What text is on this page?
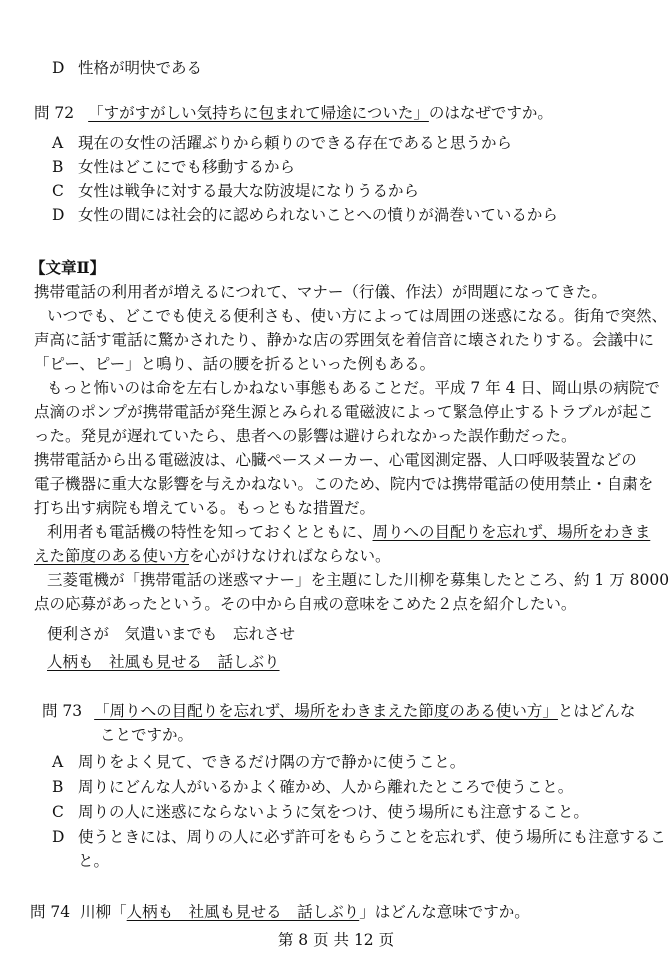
D 性格が明快である
問 72 「すがすがしい気持ちに包まれて帰途についた」のはなぜですか。
A 現在の女性の活躍ぶりから頼りのできる存在であると思うから
B 女性はどこにでも移動するから
C 女性は戦争に対する最大な防波堤になりうるから
D 女性の間には社会的に認められないことへの憤りが渦巻いているから
【文章Ⅱ】
携帯電話の利用者が増えるにつれて、マナー（行儀、作法）が問題になってきた。
いつでも、どこでも使える便利さも、使い方によっては周囲の迷惑になる。街角で突然、
声高に話す電話に驚かされたり、静かな店の雰囲気を着信音に壊されたりする。会議中に
「ピー、ピー」と鳴り、話の腰を折るといった例もある。
もっと怖いのは命を左右しかねない事態もあることだ。平成 7 年 4 日、岡山県の病院で
点滴のポンプが携帯電話が発生源とみられる電磁波によって緊急停止するトラブルが起こ
った。発見が遅れていたら、患者への影響は避けられなかった誤作動だった。
携帯電話から出る電磁波は、心臓ペースメーカー、心電図測定器、人口呼吸装置などの
電子機器に重大な影響を与えかねない。このため、院内では携帯電話の使用禁止・自粛を
打ち出す病院も増えている。もっともな措置だ。
利用者も電話機の特性を知っておくとともに、周りへの目配りを忘れず、場所をわきま
えた節度のある使い方を心がけなければならない。
三菱電機が「携帯電話の迷惑マナー」を主題にした川柳を募集したところ、約 1 万 8000
点の応募があったという。その中から自戒の意味をこめた２点を紹介したい。
便利さが　気遣いまでも　忘れさせ
人柄も　社風も見せる　話しぶり
問 73 「周りへの目配りを忘れず、場所をわきまえた節度のある使い方」とはどんな
ことですか。
A 周りをよく見て、できるだけ隅の方で静かに使うこと。
B 周りにどんな人がいるかよく確かめ、人から離れたところで使うこと。
C 周りの人に迷惑にならないように気をつけ、使う場所にも注意すること。
D 使うときには、周りの人に必ず許可をもらうことを忘れず、使う場所にも注意するこ
と。
問 74 川柳「人柄も　社風も見せる　話しぶり」はどんな意味ですか。
第 8 页 共 12 页
